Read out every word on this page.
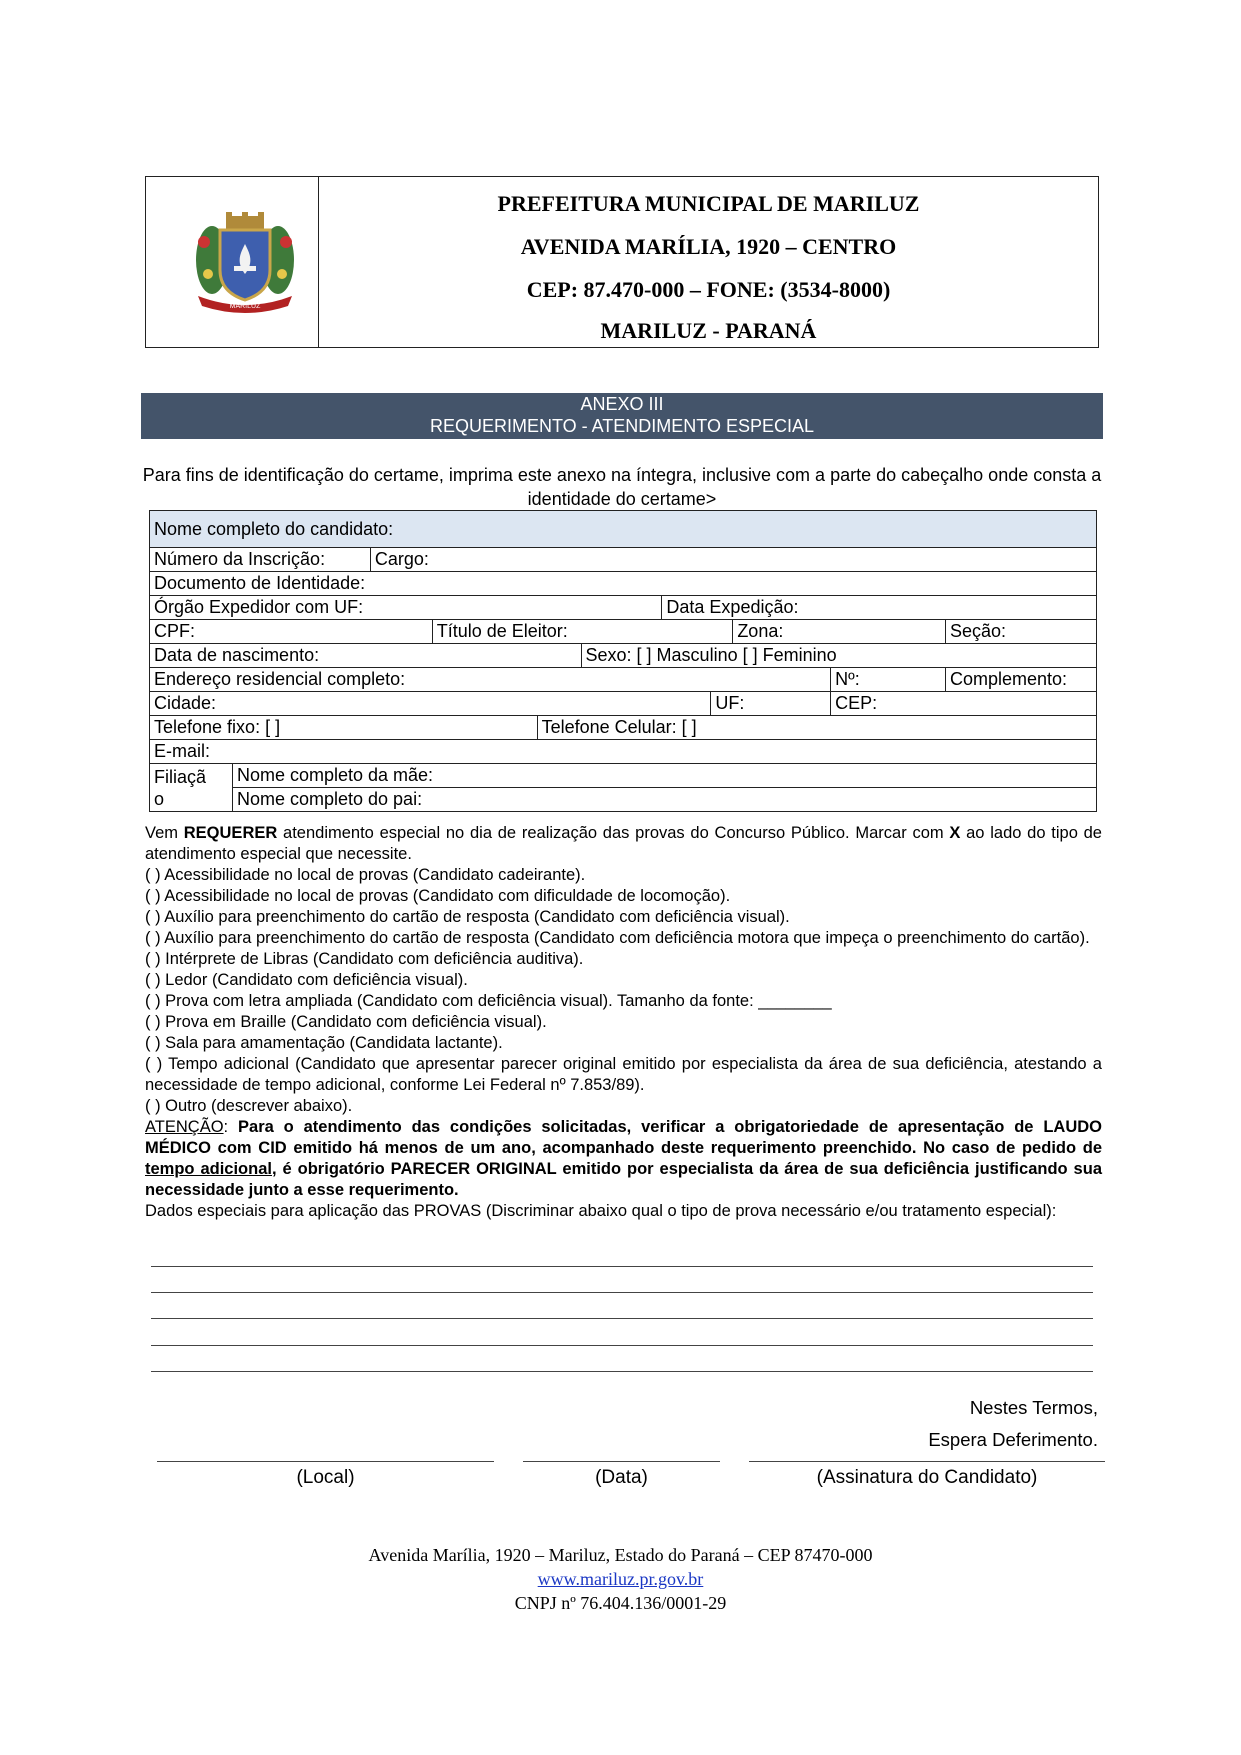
MARILUZ
PREFEITURA MUNICIPAL DE MARILUZ
AVENIDA MARÍLIA, 1920 – CENTRO
CEP: 87.470-000 – FONE: (3534-8000)
MARILUZ - PARANÁ
ANEXO III
REQUERIMENTO - ATENDIMENTO ESPECIAL
Para fins de identificação do certame, imprima este anexo na íntegra, inclusive com a parte do cabeçalho onde consta a identidade do certame>
Nome completo do candidato:										
Número da Inscrição:		Cargo:								
Documento de Identidade:										
Órgão Expedidor com UF:						Data Expedição:				
CPF:			Título de Eleitor:					Zona:		Seção:
Data de nascimento:					Sexo: [ ] Masculino [ ] Feminino					
Endereço residencial completo:									Nº:	Complemento:
Cidade:							UF:		CEP:	
Telefone fixo: [ ]				Telefone Celular: [ ]						
E-mail:										

Filiaçã
o	Nome completo da mãe:									
	Nome completo do pai:									

Vem REQUERER atendimento especial no dia de realização das provas do Concurso Público. Marcar com X ao lado do tipo de atendimento especial que necessite.

( ) Acessibilidade no local de provas (Candidato cadeirante).

( ) Acessibilidade no local de provas (Candidato com dificuldade de locomoção).

( ) Auxílio para preenchimento do cartão de resposta (Candidato com deficiência visual).

( ) Auxílio para preenchimento do cartão de resposta (Candidato com deficiência motora que impeça o preenchimento do cartão).

( ) Intérprete de Libras (Candidato com deficiência auditiva).

( ) Ledor (Candidato com deficiência visual).

( ) Prova com letra ampliada (Candidato com deficiência visual). Tamanho da fonte: ________

( ) Prova em Braille (Candidato com deficiência visual).

( ) Sala para amamentação (Candidata lactante).

( ) Tempo adicional (Candidato que apresentar parecer original emitido por especialista da área de sua deficiência, atestando a necessidade de tempo adicional, conforme Lei Federal nº 7.853/89).

( ) Outro (descrever abaixo).

ATENÇÃO: Para o atendimento das condições solicitadas, verificar a obrigatoriedade de apresentação de LAUDO MÉDICO com CID emitido há menos de um ano, acompanhado deste requerimento preenchido. No caso de pedido de tempo adicional, é obrigatório PARECER ORIGINAL emitido por especialista da área de sua deficiência justificando sua necessidade junto a esse requerimento.

Dados especiais para aplicação das PROVAS (Discriminar abaixo qual o tipo de prova necessário e/ou tratamento especial):

Nestes Termos,
Espera Deferimento.
(Local)	(Data)	(Assinatura do Candidato)
Avenida Marília, 1920 – Mariluz, Estado do Paraná – CEP 87470-000
www.mariluz.pr.gov.br
CNPJ nº 76.404.136/0001-29
